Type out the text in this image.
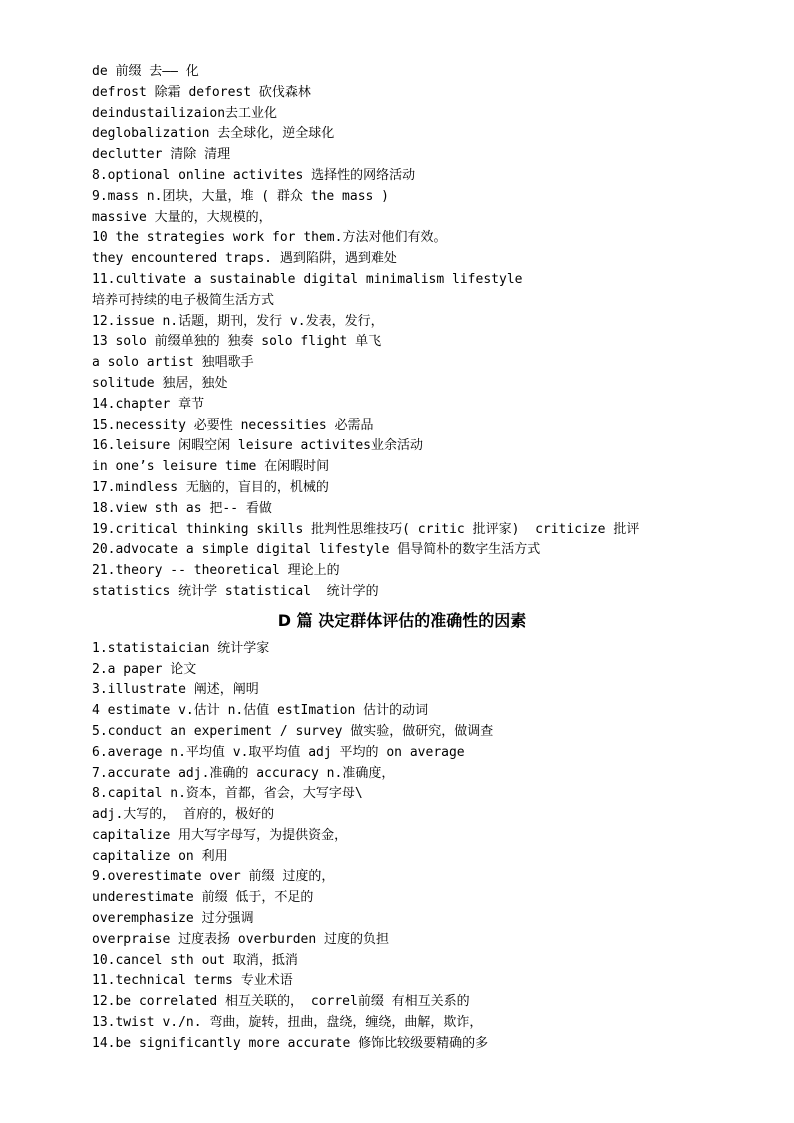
de 前缀 去—— 化
defrost 除霜 deforest 砍伐森林
deindustailizaion去工业化
deglobalization 去全球化，逆全球化
declutter 清除 清理
8.optional online activites 选择性的网络活动
9.mass n.团块，大量，堆 ( 群众 the mass )
massive 大量的，大规模的，
10 the strategies work for them.方法对他们有效。
they encountered traps. 遇到陷阱，遇到难处
11.cultivate a sustainable digital minimalism lifestyle
培养可持续的电子极简生活方式
12.issue n.话题，期刊，发行 v.发表，发行，
13 solo 前缀单独的 独奏 solo flight 单飞
a solo artist 独唱歌手
solitude 独居，独处
14.chapter 章节
15.necessity 必要性 necessities 必需品
16.leisure 闲暇空闲 leisure activites业余活动
in one’s leisure time 在闲暇时间
17.mindless 无脑的，盲目的，机械的
18.view sth as 把-- 看做
19.critical thinking skills 批判性思维技巧( critic 批评家)  criticize 批评
20.advocate a simple digital lifestyle 倡导简朴的数字生活方式
21.theory -- theoretical 理论上的
statistics 统计学 statistical  统计学的
D 篇 决定群体评估的准确性的因素
1.statistaician 统计学家
2.a paper 论文
3.illustrate 阐述，阐明
4 estimate v.估计 n.估值 estImation 估计的动词
5.conduct an experiment / survey 做实验，做研究，做调查
6.average n.平均值 v.取平均值 adj 平均的 on average
7.accurate adj.准确的 accuracy n.准确度，
8.capital n.资本，首都，省会，大写字母\
adj.大写的， 首府的，极好的
capitalize 用大写字母写，为提供资金，
capitalize on 利用
9.overestimate over 前缀 过度的，
underestimate 前缀 低于，不足的
overemphasize 过分强调
overpraise 过度表扬 overburden 过度的负担
10.cancel sth out 取消，抵消
11.technical terms 专业术语
12.be correlated 相互关联的， correl前缀 有相互关系的
13.twist v./n. 弯曲，旋转，扭曲，盘绕，缠绕，曲解，欺诈，
14.be significantly more accurate 修饰比较级要精确的多
